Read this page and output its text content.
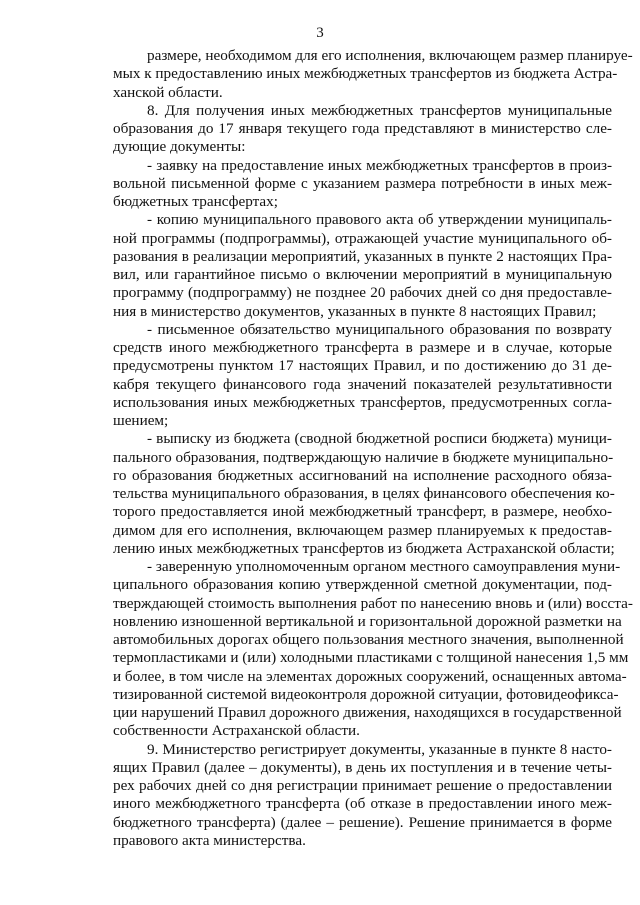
3
размере, необходимом для его исполнения, включающем размер планируе-
мых к предоставлению иных межбюджетных трансфертов из бюджета Астра-
ханской области.
8. Для получения иных межбюджетных трансфертов муниципальные
образования до 17 января текущего года представляют в министерство сле-
дующие документы:
- заявку на предоставление иных межбюджетных трансфертов в произ-
вольной письменной форме с указанием размера потребности в иных меж-
бюджетных трансфертах;
- копию муниципального правового акта об утверждении муниципаль-
ной программы (подпрограммы), отражающей участие муниципального об-
разования в реализации мероприятий, указанных в пункте 2 настоящих Пра-
вил, или гарантийное письмо о включении мероприятий в муниципальную
программу (подпрограмму) не позднее 20 рабочих дней со дня предоставле-
ния в министерство документов, указанных в пункте 8 настоящих Правил;
- письменное обязательство муниципального образования по возврату
средств иного межбюджетного трансферта в размере и в случае, которые
предусмотрены пунктом 17 настоящих Правил, и по достижению до 31 де-
кабря текущего финансового года значений показателей результативности
использования иных межбюджетных трансфертов, предусмотренных согла-
шением;
- выписку из бюджета (сводной бюджетной росписи бюджета) муници-
пального образования, подтверждающую наличие в бюджете муниципально-
го образования бюджетных ассигнований на исполнение расходного обяза-
тельства муниципального образования, в целях финансового обеспечения ко-
торого предоставляется иной межбюджетный трансферт, в размере, необхо-
димом для его исполнения, включающем размер планируемых к предостав-
лению иных межбюджетных трансфертов из бюджета Астраханской области;
- заверенную уполномоченным органом местного самоуправления муни-
ципального образования копию утвержденной сметной документации, под-
тверждающей стоимость выполнения работ по нанесению вновь и (или) восста-
новлению изношенной вертикальной и горизонтальной дорожной разметки на
автомобильных дорогах общего пользования местного значения, выполненной
термопластиками и (или) холодными пластиками с толщиной нанесения 1,5 мм
и более, в том числе на элементах дорожных сооружений, оснащенных автома-
тизированной системой видеоконтроля дорожной ситуации, фотовидеофикса-
ции нарушений Правил дорожного движения, находящихся в государственной
собственности Астраханской области.
9. Министерство регистрирует документы, указанные в пункте 8 насто-
ящих Правил (далее – документы), в день их поступления и в течение четы-
рех рабочих дней со дня регистрации принимает решение о предоставлении
иного межбюджетного трансферта (об отказе в предоставлении иного меж-
бюджетного трансферта) (далее – решение). Решение принимается в форме
правового акта министерства.
